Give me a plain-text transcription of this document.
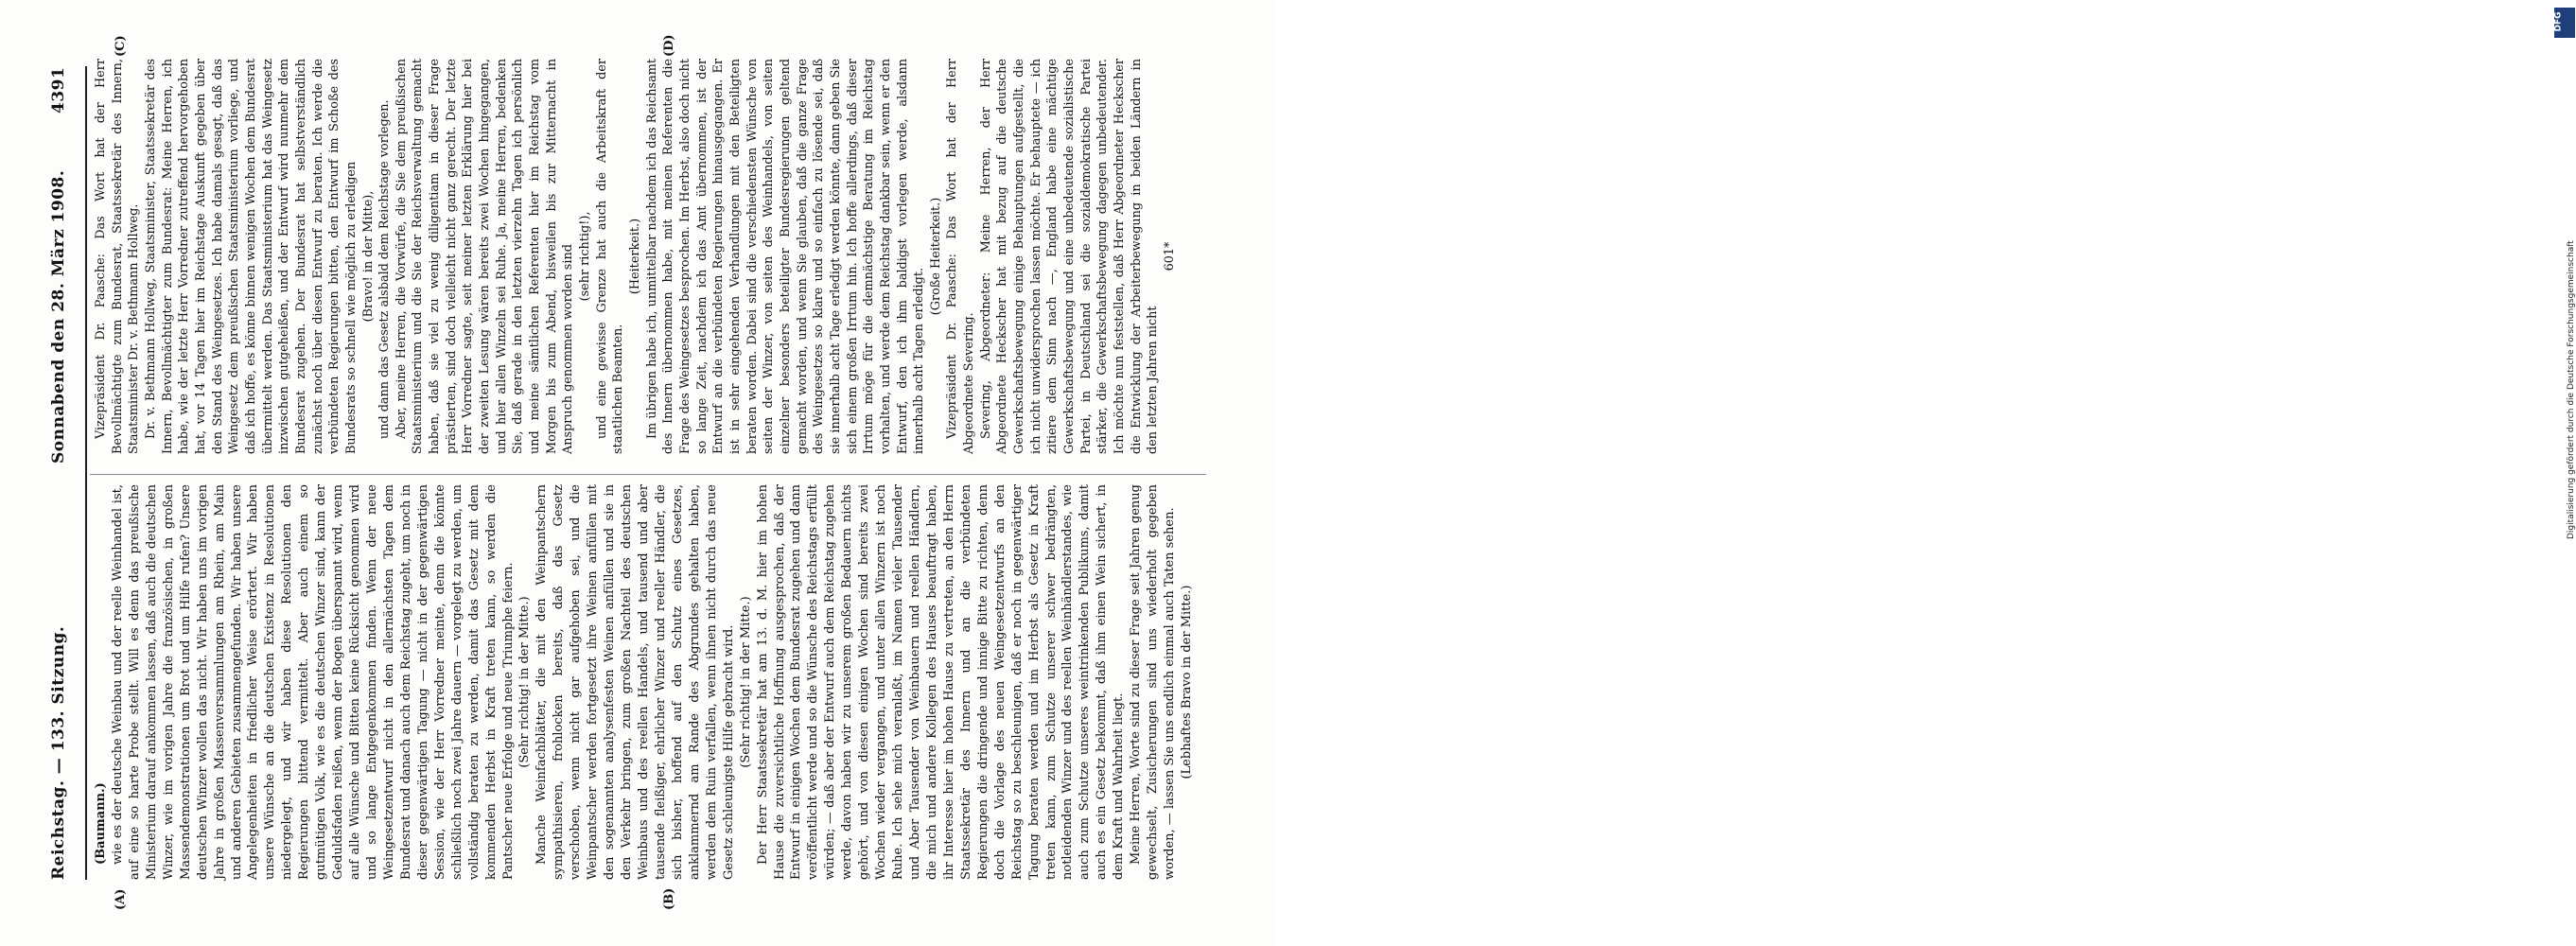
Reichstag. — 133. Sitzung.
Sonnabend den 28. März 1908.
4391
(A)	(B)
(C)	(D)

(Baumann.) wie es der deutsche Weinbau und der reelle Weinhandel ist, auf eine so harte Probe stellt. Will es denn das preußische Ministerium darauf ankommen lassen, daß auch die deutschen Winzer, wie im vorigen Jahre die französischen, in großen Massendemonstrationen um Brot und um Hilfe rufen? Unsere deutschen Winzer wollen das nicht. Wir haben uns im vorigen Jahre in großen Massenversammlungen am Rhein, am Main und anderen Gebieten zusammengefunden. Wir haben unsere Angelegenheiten in friedlicher Weise erörtert. Wir haben unsere Wünsche an die deutschen Existenz in Resolutionen niedergelegt, und wir haben diese Resolutionen den Regierungen bittend vermittelt. Aber auch einem so gutmütigen Volk, wie es die deutschen Winzer sind, kann der Geduldsfaden reißen, wenn der Bogen überspannt wird, wenn auf alle Wünsche und Bitten keine Rücksicht genommen wird und so lange Entgegenkommen finden. Wenn der neue Weingesetzentwurf nicht in den allernächsten Tagen dem Bundesrat und danach auch dem Reichstag zugeht, um noch in dieser gegenwärtigen Tagung — nicht in der gegenwärtigen Session, wie der Herr Vorredner meinte, denn die könnte schließlich noch zwei Jahre dauern — vorgelegt zu werden, um vollständig beraten zu werden, damit das Gesetz mit dem kommenden Herbst in Kraft treten kann, so werden die Pantscher neue Erfolge und neue Triumphe feiern. (Sehr richtig! in der Mitte.) Manche Weinfachblätter, die mit den Weinpantschern sympathisieren, frohlocken bereits, daß das Gesetz verschoben, wenn nicht gar aufgehoben sei, und die Weinpantscher werden fortgesetzt ihre Weinen anfüllen mit den sogenannten analysenfesten Weinen anfüllen und sie in den Verkehr bringen, zum großen Nachteil des deutschen Weinbaus und des reellen Handels, und tausend und aber tausende fleißiger, ehrlicher Winzer und reeller Händler, die sich bisher, hoffend auf den Schutz eines Gesetzes, anklammernd am Rande des Abgrundes gehalten haben, werden dem Ruin verfallen, wenn ihnen nicht durch das neue Gesetz schleunigste Hilfe gebracht wird. (Sehr richtig! in der Mitte.) Der Herr Staatssekretär hat am 13. d. M. hier im hohen Hause die zuversichtliche Hoffnung ausgesprochen, daß der Entwurf in einigen Wochen dem Bundesrat zugehen und dann veröffentlicht werde und so die Wünsche des Reichstags erfüllt würden; — daß aber der Entwurf auch dem Reichstag zugehen werde, davon haben wir zu unserem großen Bedauern nichts gehört, und von diesen einigen Wochen sind bereits zwei Wochen wieder vergangen, und unter allen Winzern ist noch Ruhe. Ich sehe mich veranlaßt, im Namen vieler Tausender und Aber Tausender von Weinbauern und reellen Händlern, die mich und andere Kollegen des Hauses beauftragt haben, ihr Interesse hier im hohen Hause zu vertreten, an den Herrn Staatssekretär des Innern und an die verbündeten Regierungen die dringende und innige Bitte zu richten, denn doch die Vorlage des neuen Weingesetzentwurfs an den Reichstag so zu beschleunigen, daß er noch in gegenwärtiger Tagung beraten werden und im Herbst als Gesetz in Kraft treten kann, zum Schutze unserer schwer bedrängten, notleidenden Winzer und des reellen Weinhändlerstandes, wie auch zum Schutze unseres weintrinkenden Publikums, damit auch es ein Gesetz bekommt, daß ihm einen Wein sichert, in dem Kraft und Wahrheit liegt. Meine Herren, Worte sind zu dieser Frage seit Jahren genug gewechselt, Zusicherungen sind uns wiederholt gegeben worden, — lassen Sie uns endlich einmal auch Taten sehen. (Lebhaftes Bravo in der Mitte.)

Vizepräsident Dr. Paasche: Das Wort hat der Herr Bevollmächtigte zum Bundesrat, Staatssekretär des Innern, Staatsminister Dr. v. Bethmann Hollweg. Dr. v. Bethmann Hollweg, Staatsminister, Staatssekretär des Innern, Bevollmächtigter zum Bundesrat: Meine Herren, ich habe, wie der letzte Herr Vorredner zutreffend hervorgehoben hat, vor 14 Tagen hier im Reichstage Auskunft gegeben über den Stand des Weingesetzes. Ich habe damals gesagt, daß das Weingesetz dem preußischen Staatsministerium vorliege, und daß ich hoffe, es könne binnen wenigen Wochen dem Bundesrat übermittelt werden. Das Staatsministerium hat das Weingesetz inzwischen gutgeheißen, und der Entwurf wird nunmehr dem Bundesrat zugehen. Der Bundesrat hat selbstverständlich zunächst noch über diesen Entwurf zu beraten. Ich werde die verbündeten Regierungen bitten, den Entwurf im Schoße des Bundesrats so schnell wie möglich zu erledigen (Bravo! in der Mitte), und dann das Gesetz alsbald dem Reichstage vorlegen. Aber, meine Herren, die Vorwürfe, die Sie dem preußischen Staatsministerium und die Sie der Reichsverwaltung gemacht haben, daß sie viel zu wenig diligentiam in dieser Frage prästierten, sind doch vielleicht nicht ganz gerecht. Der letzte Herr Vorredner sagte, seit meiner letzten Erklärung hier bei der zweiten Lesung wären bereits zwei Wochen hingegangen, und hier allen Winzeln sei Ruhe. Ja, meine Herren, bedenken Sie, daß gerade in den letzten vierzehn Tagen ich persönlich und meine sämtlichen Referenten hier im Reichstag vom Morgen bis zum Abend, bisweilen bis zur Mitternacht in Anspruch genommen worden sind (sehr richtig!), und eine gewisse Grenze hat auch die Arbeitskraft der staatlichen Beamten.

(Heiterkeit.) Im übrigen habe ich, unmittelbar nachdem ich das Reichsamt des Innern übernommen habe, mit meinen Referenten die Frage des Weingesetzes besprochen. Im Herbst, also doch nicht so lange Zeit, nachdem ich das Amt übernommen, ist der Entwurf an die verbündeten Regierungen hinausgegangen. Er ist in sehr eingehenden Verhandlungen mit den Beteiligten beraten worden. Dabei sind die verschiedensten Wünsche von seiten der Winzer, von seiten des Weinhandels, von seiten einzelner besonders beteiligter Bundesregierungen geltend gemacht worden, und wenn Sie glauben, daß die ganze Frage des Weingesetzes so klare und so einfach zu lösende sei, daß sie innerhalb acht Tage erledigt werden könnte, dann geben Sie sich einem großen Irrtum hin. Ich hoffe allerdings, daß dieser Irrtum möge für die demnächstige Beratung im Reichstag vorhalten, und werde dem Reichstag dankbar sein, wenn er den Entwurf, den ich ihm baldigst vorlegen werde, alsdann innerhalb acht Tagen erledigt.

(Große Heiterkeit.) Vizepräsident Dr. Paasche: Das Wort hat der Herr Abgeordnete Severing. Severing, Abgeordneter: Meine Herren, der Herr Abgeordnete Heckscher hat mit bezug auf die deutsche Gewerkschaftsbewegung einige Behauptungen aufgestellt, die ich nicht unwidersprochen lassen möchte. Er behauptete — ich zitiere dem Sinn nach —, England habe eine mächtige Gewerkschaftsbewegung und eine unbedeutende sozialistische Partei, in Deutschland sei die sozialdemokratische Partei stärker, die Gewerkschaftsbewegung dagegen unbedeutender. Ich möchte nun feststellen, daß Herr Abgeordneter Heckscher die Entwicklung der Arbeiterbewegung in beiden Ländern in den letzten Jahren nicht

601*

DFG
Digitalisierung gefördert durch die Deutsche Forschungsgemeinschaft
